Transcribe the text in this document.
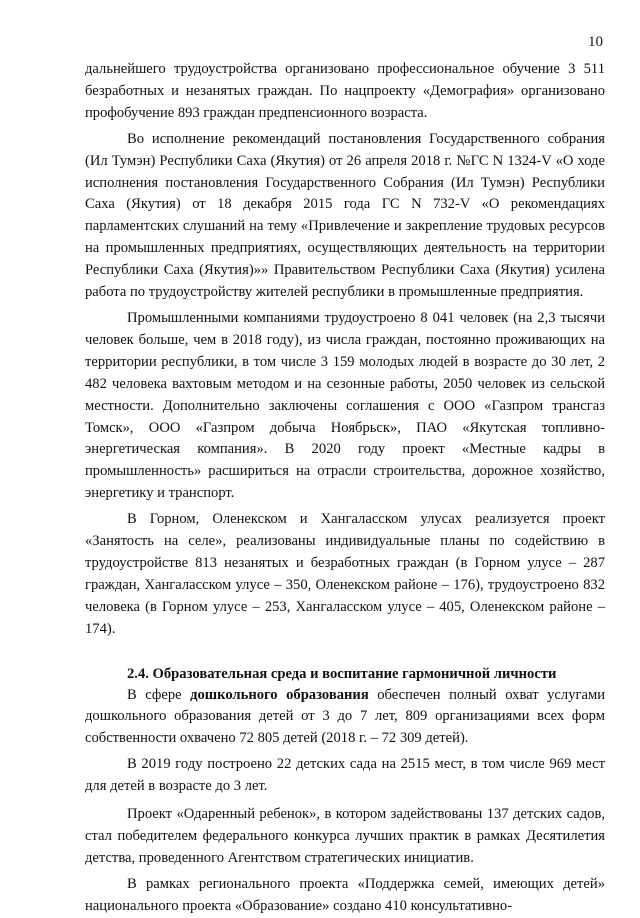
10

дальнейшего трудоустройства организовано профессиональное обучение 3 511 безработных и незанятых граждан. По нацпроекту «Демография» организовано профобучение 893 граждан предпенсионного возраста.

Во исполнение рекомендаций постановления Государственного собрания (Ил Тумэн) Республики Саха (Якутия) от 26 апреля 2018 г. №ГС N 1324-V «О ходе исполнения постановления Государственного Собрания (Ил Тумэн) Республики Саха (Якутия) от 18 декабря 2015 года ГС N 732-V «О рекомендациях парламентских слушаний на тему «Привлечение и закрепление трудовых ресурсов на промышленных предприятиях, осуществляющих деятельность на территории Республики Саха (Якутия)»» Правительством Республики Саха (Якутия) усилена работа по трудоустройству жителей республики в промышленные предприятия.

Промышленными компаниями трудоустроено 8 041 человек (на 2,3 тысячи человек больше, чем в 2018 году), из числа граждан, постоянно проживающих на территории республики, в том числе 3 159 молодых людей в возрасте до 30 лет, 2 482 человека вахтовым методом и на сезонные работы, 2050 человек из сельской местности. Дополнительно заключены соглашения с ООО «Газпром трансгаз Томск», ООО «Газпром добыча Ноябрьск», ПАО «Якутская топливно-энергетическая компания». В 2020 году проект «Местные кадры в промышленность» расшириться на отрасли строительства, дорожное хозяйство, энергетику и транспорт.

В Горном, Оленекском и Хангаласском улусах реализуется проект «Занятость на селе», реализованы индивидуальные планы по содействию в трудоустройстве 813 незанятых и безработных граждан (в Горном улусе – 287 граждан, Хангаласском улусе – 350, Оленекском районе – 176), трудоустроено 832 человека (в Горном улусе – 253, Хангаласском улусе – 405, Оленекском районе – 174).

2.4. Образовательная среда и воспитание гармоничной личности

В сфере дошкольного образования обеспечен полный охват услугами дошкольного образования детей от 3 до 7 лет, 809 организациями всех форм собственности охвачено 72 805 детей (2018 г. – 72 309 детей).

В 2019 году построено 22 детских сада на 2515 мест, в том числе 969 мест для детей в возрасте до 3 лет.

Проект «Одаренный ребенок», в котором задействованы 137 детских садов, стал победителем федерального конкурса лучших практик в рамках Десятилетия детства, проведенного Агентством стратегических инициатив.

В рамках регионального проекта «Поддержка семей, имеющих детей» национального проекта «Образование» создано 410 консультативно-
